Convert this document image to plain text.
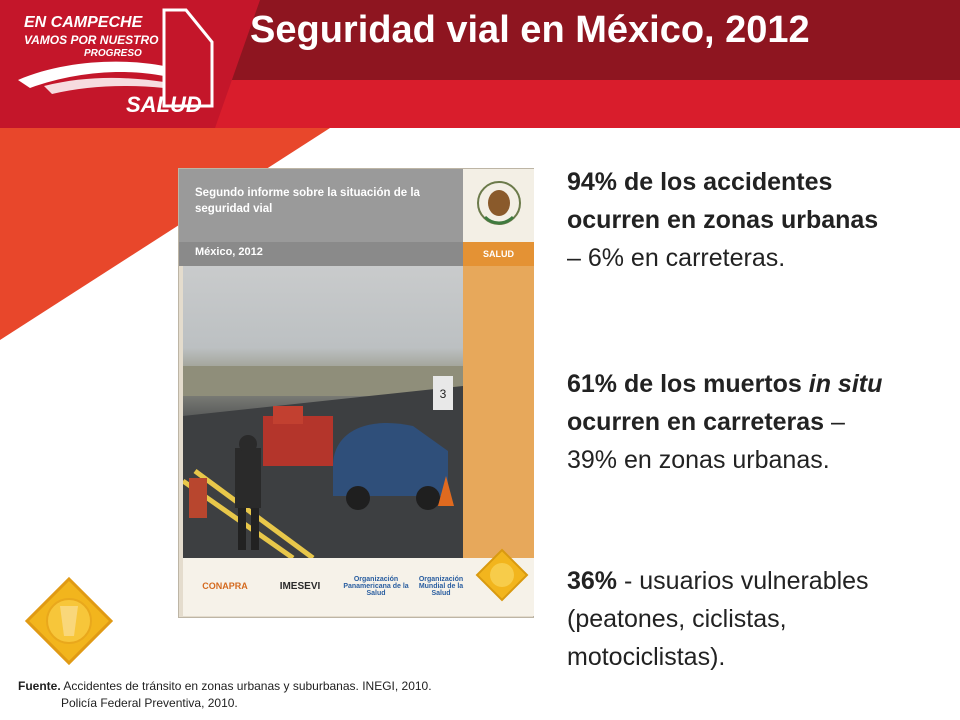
EN CAMPECHE
VAMOS POR NUESTRO
PROGRESO
SALUD
Seguridad vial en México, 2012
Segundo informe sobre la situación de la seguridad vial
México, 2012	SALUD
3
CONAPRA	IMESEVI
Organización Panamericana de la Salud
Organización Mundial de la Salud
94% de los accidentes ocurren en zonas urbanas – 6% en carreteras.
61% de los muertos in situ ocurren en carreteras – 39% en zonas urbanas.
36% - usuarios vulnerables (peatones, ciclistas, motociclistas).
Fuente. Accidentes de tránsito en zonas urbanas y suburbanas. INEGI, 2010.
Policía Federal Preventiva, 2010.
